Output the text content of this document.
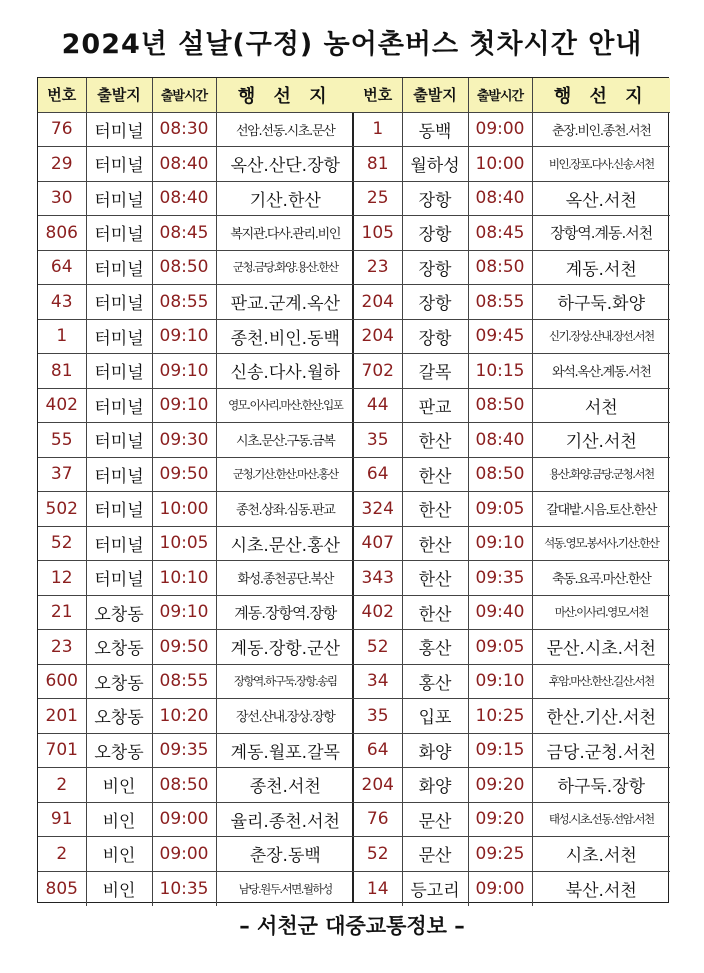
2024년 설날(구정) 농어촌버스 첫차시간 안내
번호	출발지	출발시간	행 선 지
76	터미널	08:30	선암.선동.시초.문산
29	터미널	08:40	옥산.산단.장항
30	터미널	08:40	기산.한산
806	터미널	08:45	복지관.다사.관리.비인
64	터미널	08:50	군청.금당.화양.용산.한산
43	터미널	08:55	판교.군계.옥산
1	터미널	09:10	종천.비인.동백
81	터미널	09:10	신송.다사.월하
402	터미널	09:10	영모.이사리.마산.한산.입포
55	터미널	09:30	시초.문산.구동.금복
37	터미널	09:50	군청.기산.한산.마산.홍산
502	터미널	10:00	종천.상좌.심동.판교
52	터미널	10:05	시초.문산.홍산
12	터미널	10:10	화성.종천공단.북산
21	오창동	09:10	계동.장항역.장항
23	오창동	09:50	계동.장항.군산
600	오창동	08:55	장항역.하구둑.장항.송림
201	오창동	10:20	장선.산내.장상.장항
701	오창동	09:35	계동.월포.갈목
2	비인	08:50	종천.서천
91	비인	09:00	율리.종천.서천
2	비인	09:00	춘장.동백
805	비인	10:35	남당.원두.서면.월하성
번호	출발지	출발시간	행 선 지
1	동백	09:00	춘장.비인.종천.서천
81	월하성	10:00	비인.장포.다사.신송.서천
25	장항	08:40	옥산.서천
105	장항	08:45	장항역.계동.서천
23	장항	08:50	계동.서천
204	장항	08:55	하구둑.화양
204	장항	09:45	신기.장상.산내.장선.서천
702	갈목	10:15	와석.옥산.계동.서천
44	판교	08:50	서천
35	한산	08:40	기산.서천
64	한산	08:50	용산.화양.금당.군청.서천
324	한산	09:05	갈대밭.시음.토산.한산
407	한산	09:10	석동.영모.봉서사.기산.한산
343	한산	09:35	축동.요곡.마산.한산
402	한산	09:40	마산.이사리.영모.서천
52	홍산	09:05	문산.시초.서천
34	홍산	09:10	후암.마산.한산.길산.서천
35	입포	10:25	한산.기산.서천
64	화양	09:15	금당.군청.서천
204	화양	09:20	하구둑.장항
76	문산	09:20	태성.시초.선동.선암.서천
52	문산	09:25	시초.서천
14	등고리	09:00	북산.서천
– 서천군 대중교통정보 –
